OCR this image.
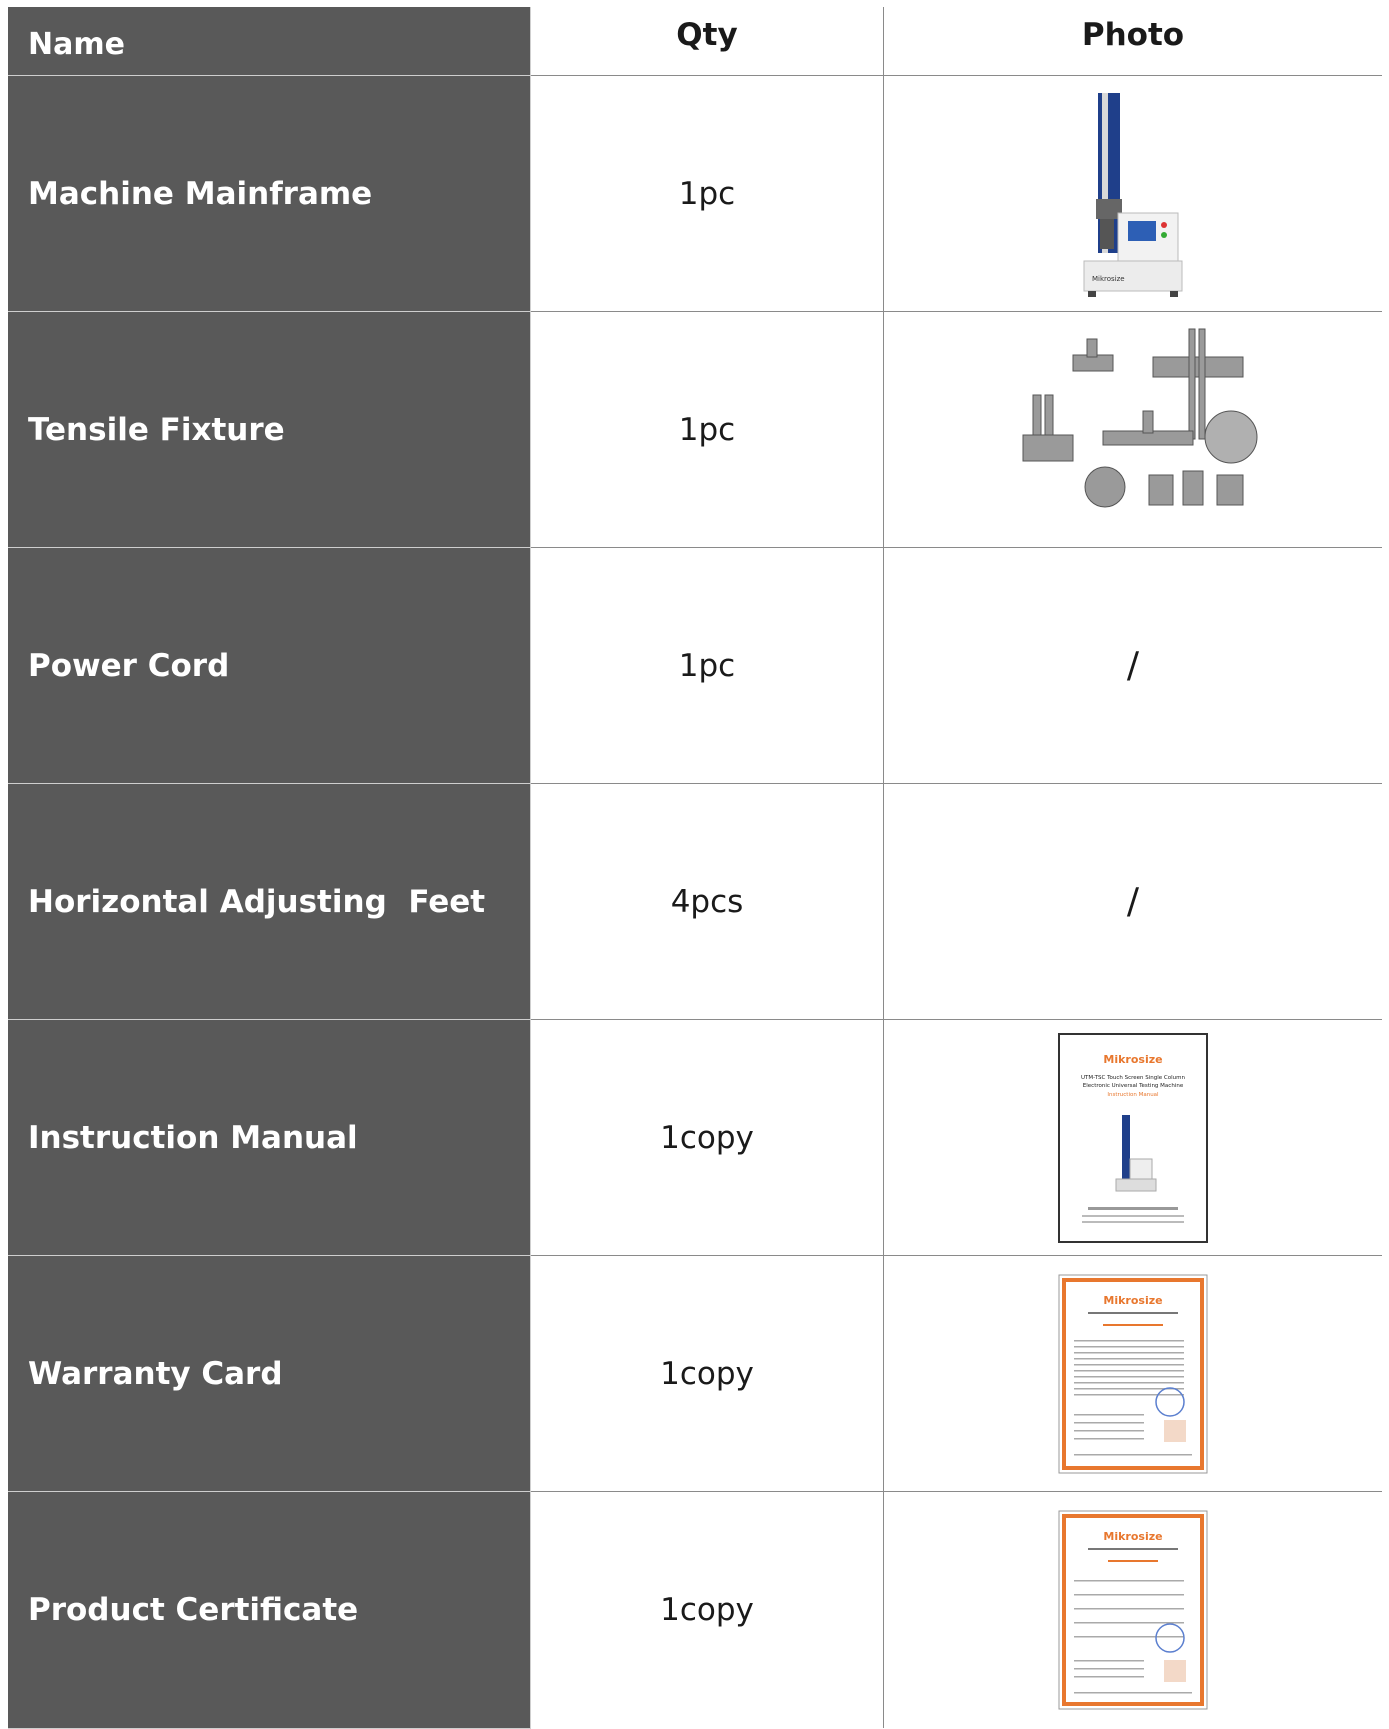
Name	Qty	Photo
Machine Mainframe	1pc
Mikrosize
Tensile Fixture	1pc
Power Cord	1pc	/
Horizontal Adjusting  Feet	4pcs	/
Instruction Manual	1copy
Mikrosize
UTM-TSC Touch Screen Single Column
Electronic Universal Testing Machine
Instruction Manual
Warranty Card	1copy
Mikrosize
Product Certificate	1copy
Mikrosize
